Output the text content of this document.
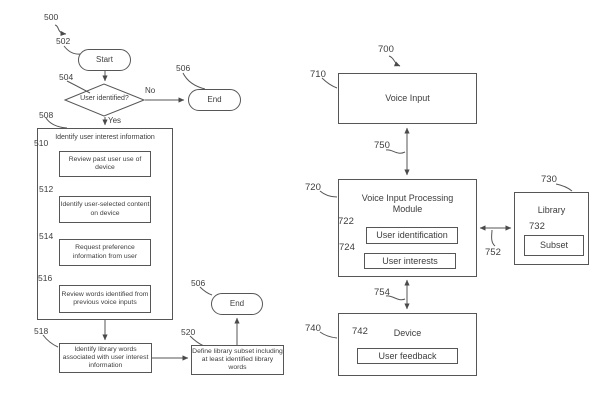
500
Start
502
504
User identified?
No
Yes
End
506
Identify user interest information
508
Review past user use of device
510
Identify user-selected content on device
512
Request preference information from user
514
Review words identified from previous voice inputs
516
Identify library words associated with user interest information
518
Define library subset including at least identified library words
520
End
506
700
Voice Input
710
750
Voice Input Processing Module
720
User identification
722
User interests
724	752
Library
730
Subset
732
754
Device
740
User feedback
742
